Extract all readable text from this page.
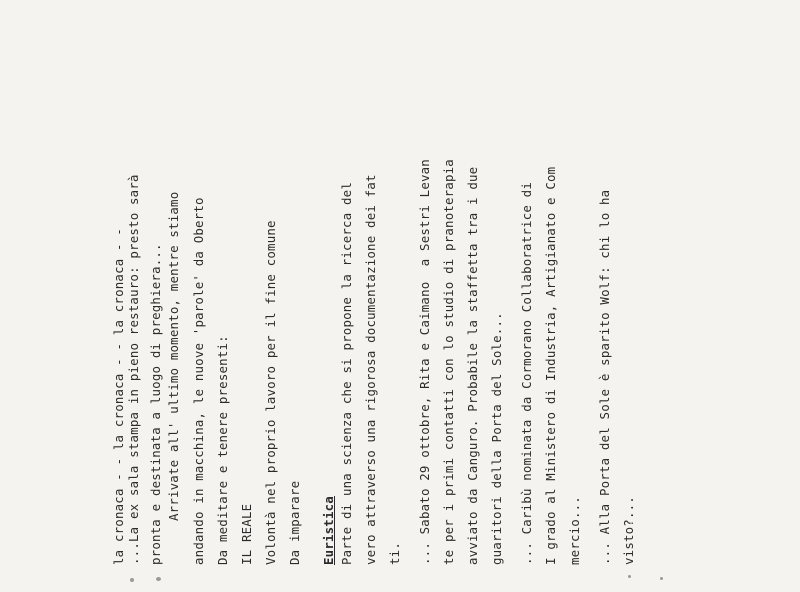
la cronaca - - la cronaca - - la cronaca - -	Arrivate all' ultimo momento, mentre stiamo andando in macchina, le nuove 'parole' da Oberto Da meditare e tenere presenti: IL REALE Volontà nel proprio lavoro per il fine comune Da imparare Euristica Parte di una scienza che si propone la ricerca del vero attraverso una rigorosa documentazione dei fat ti. ... Sabato 29 ottobre, Rita e Caimano  a Sestri Levan te per i primi contatti con lo studio di pranoterapia avviato da Canguro. Probabile la staffetta tra i due guaritori della Porta del Sole... ... Caribù nominata da Cormorano Collaboratrice di I grado al Ministero di Industria, Artigianato e Com mercio... ... Alla Porta del Sole è sparito Wolf: chi lo ha visto?...
...La ex sala stampa in pieno restauro: presto sarà pronta e destinata a luogo di preghiera...
